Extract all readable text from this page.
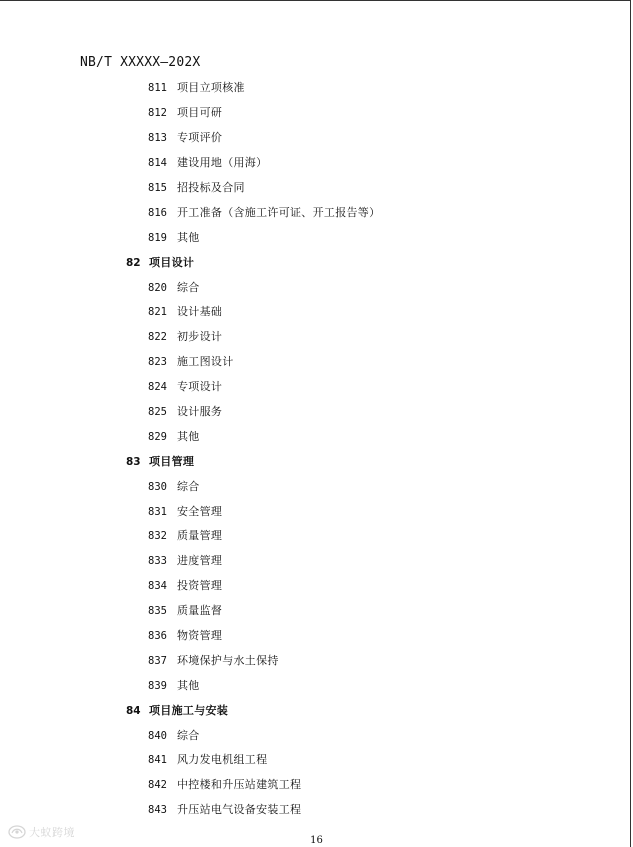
NB/T XXXXX—202X
811 项目立项核准
812 项目可研
813 专项评价
814 建设用地（用海）
815 招投标及合同
816 开工准备（含施工许可证、开工报告等）
819 其他
82 项目设计
820 综合
821 设计基础
822 初步设计
823 施工图设计
824 专项设计
825 设计服务
829 其他
83 项目管理
830 综合
831 安全管理
832 质量管理
833 进度管理
834 投资管理
835 质量监督
836 物资管理
837 环境保护与水土保持
839 其他
84 项目施工与安装
840 综合
841 风力发电机组工程
842 中控楼和升压站建筑工程
843 升压站电气设备安装工程
16
大蚁跨境
